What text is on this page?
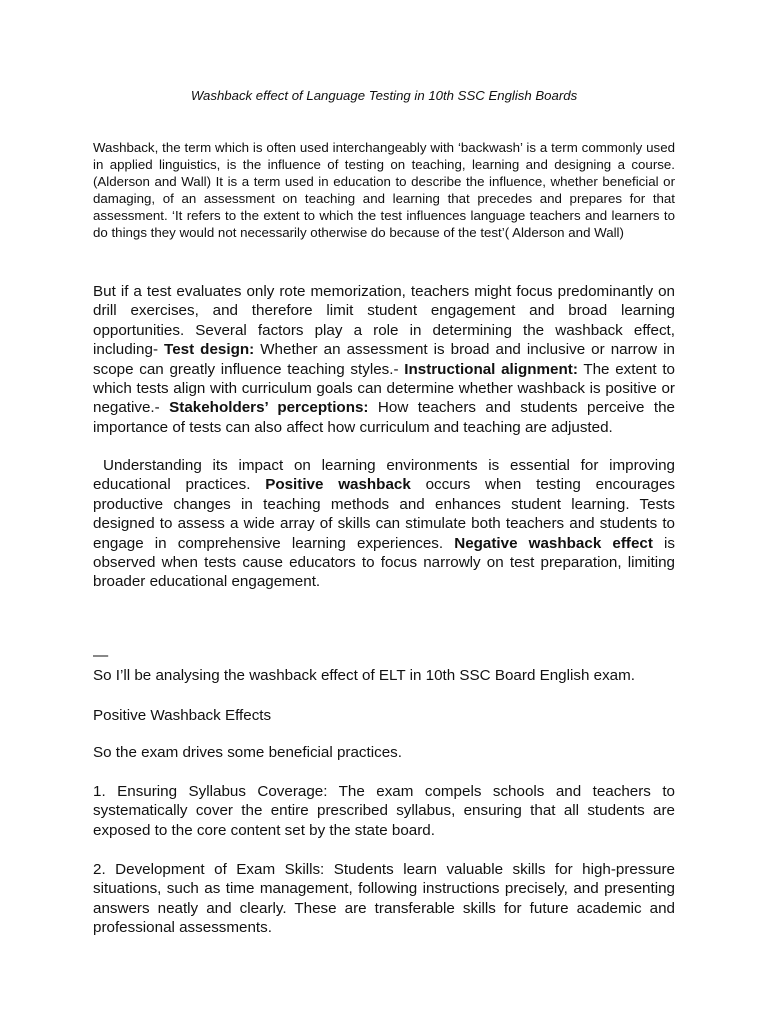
Washback effect of Language Testing in 10th SSC English Boards

Washback, the term which is often used interchangeably with ‘backwash’ is a term commonly used in applied linguistics, is the influence of testing on teaching, learning and designing a course. (Alderson and Wall) It is a term used in education to describe the influence, whether beneficial or damaging, of an assessment on teaching and learning that precedes and prepares for that assessment. ‘It refers to the extent to which the test influences language teachers and learners to do things they would not necessarily otherwise do because of the test’( Alderson and Wall)

But if a test evaluates only rote memorization, teachers might focus predominantly on drill exercises, and therefore limit student engagement and broad learning opportunities. Several factors play a role in determining the washback effect, including- Test design: Whether an assessment is broad and inclusive or narrow in scope can greatly influence teaching styles.- Instructional alignment: The extent to which tests align with curriculum goals can determine whether washback is positive or negative.- Stakeholders’ perceptions: How teachers and students perceive the importance of tests can also affect how curriculum and teaching are adjusted.

Understanding its impact on learning environments is essential for improving educational practices. Positive washback occurs when testing encourages productive changes in teaching methods and enhances student learning. Tests designed to assess a wide array of skills can stimulate both teachers and students to engage in comprehensive learning experiences. Negative washback effect is observed when tests cause educators to focus narrowly on test preparation, limiting broader educational engagement.

—

So I’ll be analysing the washback effect of ELT in 10th SSC Board English exam.

Positive Washback Effects

So the exam drives some beneficial practices.

1. Ensuring Syllabus Coverage: The exam compels schools and teachers to systematically cover the entire prescribed syllabus, ensuring that all students are exposed to the core content set by the state board.

2. Development of Exam Skills: Students learn valuable skills for high-pressure situations, such as time management, following instructions precisely, and presenting answers neatly and clearly. These are transferable skills for future academic and professional assessments.
